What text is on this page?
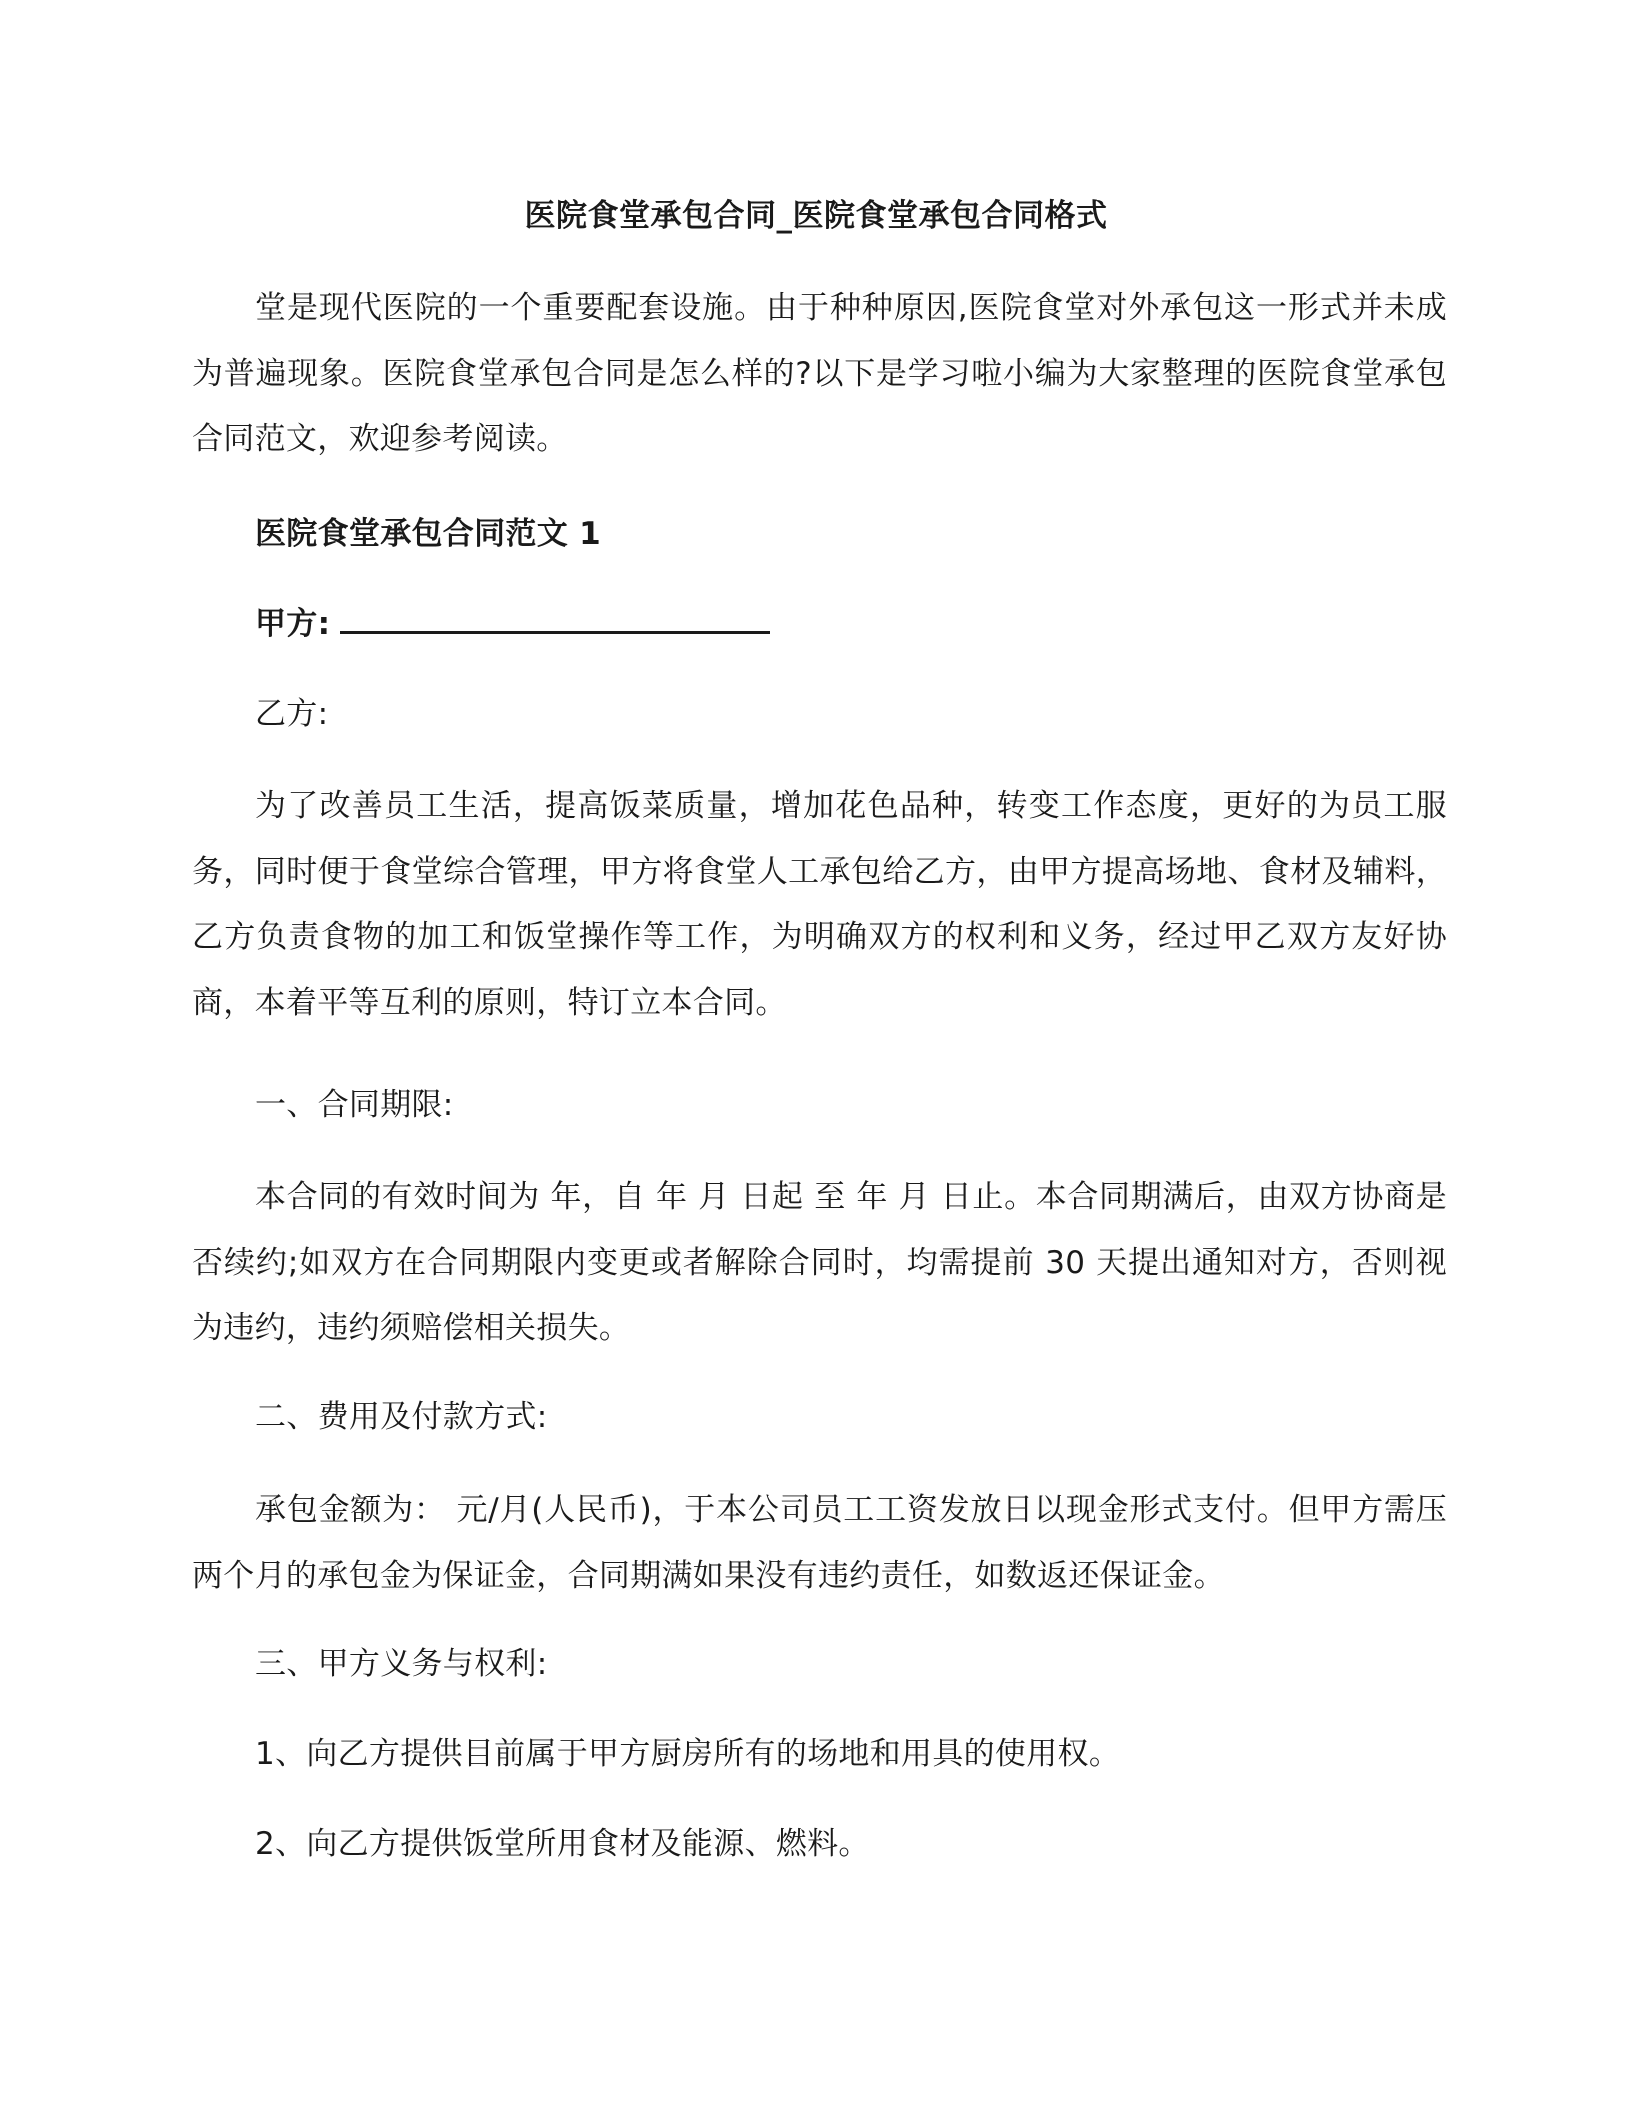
医院食堂承包合同_医院食堂承包合同格式

堂是现代医院的一个重要配套设施。由于种种原因,医院食堂对外承包这一形式并未成为普遍现象。医院食堂承包合同是怎么样的?以下是学习啦小编为大家整理的医院食堂承包合同范文，欢迎参考阅读。

医院食堂承包合同范文 1
甲方:
乙方:

为了改善员工生活，提高饭菜质量，增加花色品种，转变工作态度，更好的为员工服务，同时便于食堂综合管理，甲方将食堂人工承包给乙方，由甲方提高场地、食材及辅料，乙方负责食物的加工和饭堂操作等工作，为明确双方的权利和义务，经过甲乙双方友好协商，本着平等互利的原则，特订立本合同。

一、合同期限:

本合同的有效时间为 年，自 年 月 日起 至 年 月 日止。本合同期满后，由双方协商是否续约;如双方在合同期限内变更或者解除合同时，均需提前 30 天提出通知对方，否则视为违约，违约须赔偿相关损失。

二、费用及付款方式:

承包金额为： 元/月(人民币)，于本公司员工工资发放日以现金形式支付。但甲方需压两个月的承包金为保证金，合同期满如果没有违约责任，如数返还保证金。

三、甲方义务与权利:
1、向乙方提供目前属于甲方厨房所有的场地和用具的使用权。
2、向乙方提供饭堂所用食材及能源、燃料。
